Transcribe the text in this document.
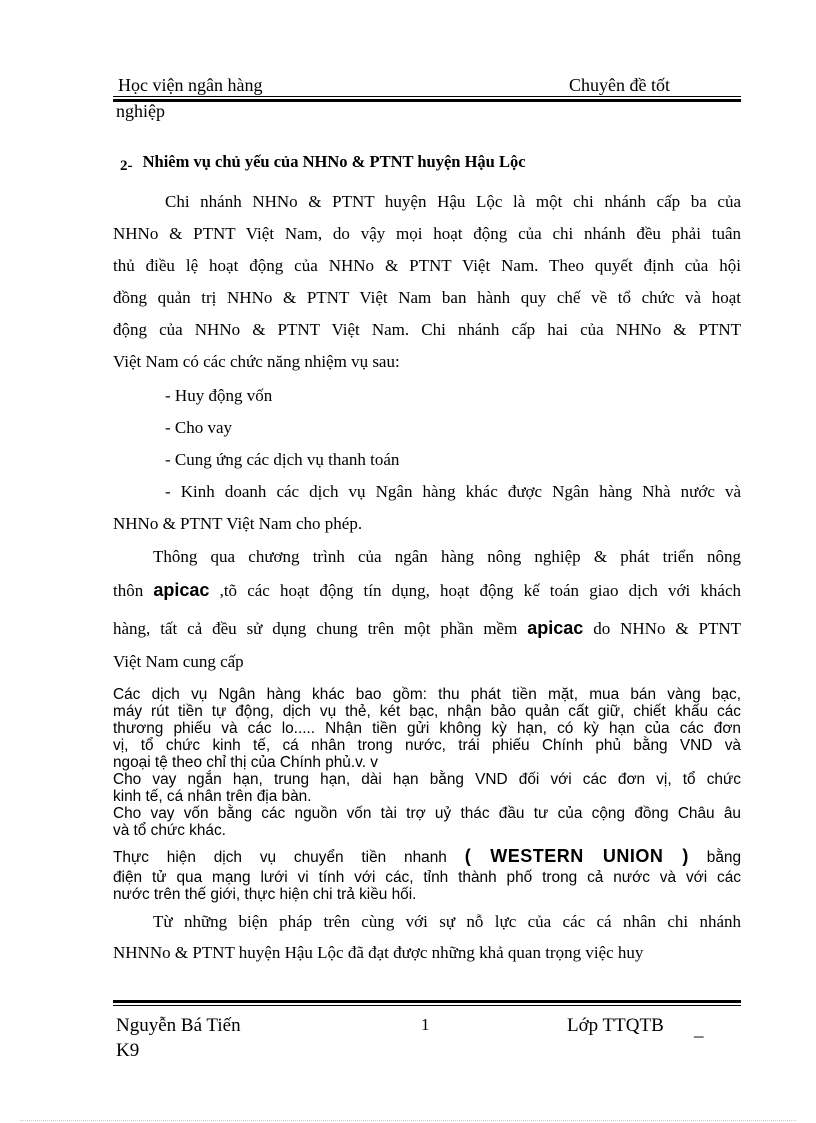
Học viện ngân hàng	Chuyên đề tốt
nghiệp
2- Nhiêm vụ chủ yếu của NHNo & PTNT huyện Hậu Lộc
Chi nhánh NHNo & PTNT huyện Hậu Lộc là một chi nhánh cấp ba của
NHNo & PTNT Việt Nam, do vậy mọi hoạt động của chi nhánh đều phải tuân
thủ điều lệ hoạt động của NHNo & PTNT Việt Nam. Theo quyết định của hội
đồng quản trị NHNo & PTNT Việt Nam ban hành quy chế về tổ chức và hoạt
động của NHNo & PTNT Việt Nam. Chi nhánh cấp hai của NHNo & PTNT
Việt Nam có các chức năng nhiệm vụ sau:
- Huy động vốn
- Cho vay
- Cung ứng các dịch vụ thanh toán
- Kinh doanh các dịch vụ Ngân hàng khác được Ngân hàng Nhà nước và
NHNo & PTNT Việt Nam cho phép.
Thông qua chương trình của ngân hàng nông nghiệp & phát triển nông
thôn apicac ,tõ các hoạt động tín dụng, hoạt động kế toán giao dịch với khách
hàng, tất cả đều sử dụng chung trên một phần mềm apicac do NHNo & PTNT
Việt Nam cung cấp
Các dịch vụ Ngân hàng khác bao gồm: thu phát tiền mặt, mua bán vàng bạc,
máy rút tiền tự động, dịch vụ thẻ, két bạc, nhận bảo quản cất giữ, chiết khấu các
thương phiếu và các lo..... Nhận tiền gửi không kỳ hạn, có kỳ hạn của các đơn
vị, tổ chức kinh tế, cá nhân trong nước, trái phiếu Chính phủ bằng VND và
ngoại tệ theo chỉ thị của Chính phủ.v. v
Cho vay ngắn hạn, trung hạn, dài hạn bằng VND đối với các đơn vị, tổ chức
kinh tế, cá nhân trên địa bàn.
Cho vay vốn bằng các nguồn vốn tài trợ uỷ thác đầu tư của cộng đồng Châu âu
và tổ chức khác.
Thực hiện dịch vụ chuyển tiền nhanh ( WESTERN UNION ) bằng
điện tử qua mạng lưới vi tính với các, tỉnh thành phố trong cả nước và với các
nước trên thế giới, thực hiện chi trả kiều hối.
Từ những biện pháp trên cùng với sự nỗ lực của các cá nhân chi nhánh
NHNNo & PTNT huyện Hậu Lộc đã đạt được những khả quan trọng việc huy
Nguyễn Bá Tiến	1	Lớp TTQTB _
K9
